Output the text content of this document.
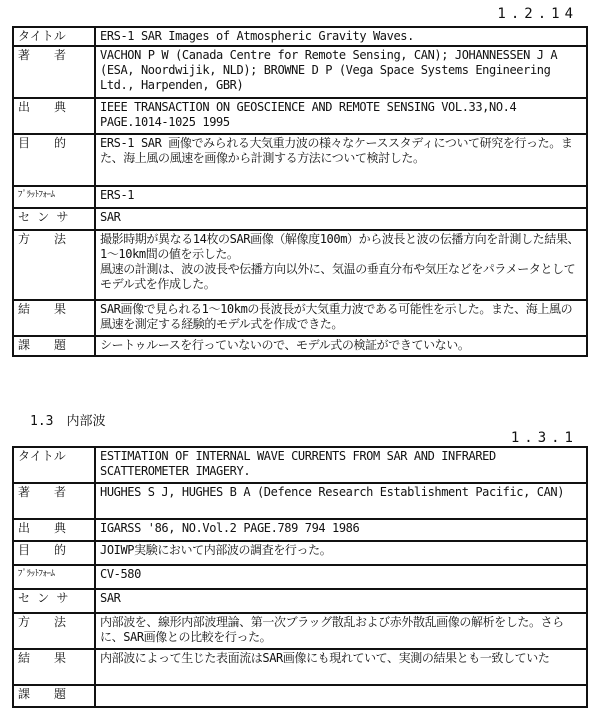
1.2.14
タイトル	ERS-1 SAR Images of Atmospheric Gravity Waves.
著　　者	VACHON P W (Canada Centre for Remote Sensing, CAN); JOHANNESSEN J A (ESA, Noordwijik, NLD); BROWNE D P (Vega Space Systems Engineering Ltd., Harpenden, GBR)
出　　典	IEEE TRANSACTION ON GEOSCIENCE AND REMOTE SENSING VOL.33,NO.4 PAGE.1014-1025 1995
目　　的	ERS-1 SAR 画像でみられる大気重力波の様々なケーススタディについて研究を行った。また、海上風の風速を画像から計測する方法について検討した。
ﾌﾟﾗｯﾄﾌｫｰﾑ	ERS-1
セ ン サ	SAR
方　　法	撮影時期が異なる14枚のSAR画像（解像度100m）から波長と波の伝播方向を計測した結果、1〜10km間の値を示した。
風速の計測は、波の波長や伝播方向以外に、気温の垂直分布や気圧などをパラメータとしてモデル式を作成した。
結　　果	SAR画像で見られる1〜10kmの長波長が大気重力波である可能性を示した。また、海上風の風速を測定する経験的モデル式を作成できた。
課　　題	シートゥルースを行っていないので、モデル式の検証ができていない。
1.3　内部波
1.3.1
タイトル	ESTIMATION OF INTERNAL WAVE CURRENTS FROM SAR AND INFRARED SCATTEROMETER IMAGERY.
著　　者	HUGHES S J, HUGHES B A (Defence Research Establishment Pacific, CAN)
出　　典	IGARSS '86, NO.Vol.2 PAGE.789 794 1986
目　　的	JOIWP実験において内部波の調査を行った。
ﾌﾟﾗｯﾄﾌｫｰﾑ	CV-580
セ ン サ	SAR
方　　法	内部波を、線形内部波理論、第一次ブラッグ散乱および赤外散乱画像の解析をした。さらに、SAR画像との比較を行った。
結　　果	内部波によって生じた表面流はSAR画像にも現れていて、実測の結果とも一致していた
課　　題	
